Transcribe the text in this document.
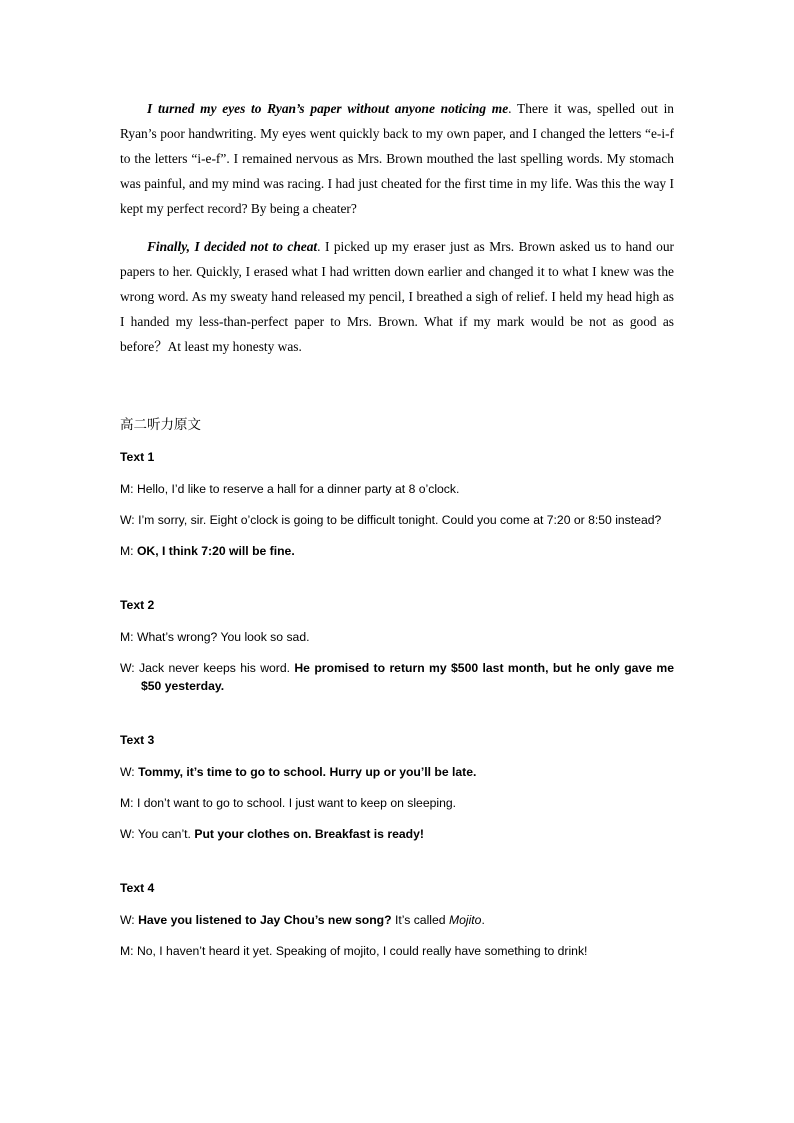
I turned my eyes to Ryan’s paper without anyone noticing me. There it was, spelled out in Ryan’s poor handwriting. My eyes went quickly back to my own paper, and I changed the letters “e-i-f to the letters “i-e-f”. I remained nervous as Mrs. Brown mouthed the last spelling words. My stomach was painful, and my mind was racing. I had just cheated for the first time in my life. Was this the way I kept my perfect record? By being a cheater?

Finally, I decided not to cheat. I picked up my eraser just as Mrs. Brown asked us to hand our papers to her. Quickly, I erased what I had written down earlier and changed it to what I knew was the wrong word. As my sweaty hand released my pencil, I breathed a sigh of relief. I held my head high as I handed my less-than-perfect paper to Mrs. Brown. What if my mark would be not as good as before？At least my honesty was.

高二听力原文
Text 1
M: Hello, I’d like to reserve a hall for a dinner party at 8 o’clock.
W: I’m sorry, sir. Eight o’clock is going to be difficult tonight. Could you come at 7:20 or 8:50 instead?
M: OK, I think 7:20 will be fine.
Text 2
M: What’s wrong? You look so sad.
W: Jack never keeps his word. He promised to return my $500 last month, but he only gave me $50 yesterday.
Text 3
W: Tommy, it’s time to go to school. Hurry up or you’ll be late.
M: I don’t want to go to school. I just want to keep on sleeping.
W: You can’t. Put your clothes on. Breakfast is ready!
Text 4
W: Have you listened to Jay Chou’s new song? It’s called Mojito.
M: No, I haven’t heard it yet. Speaking of mojito, I could really have something to drink!
